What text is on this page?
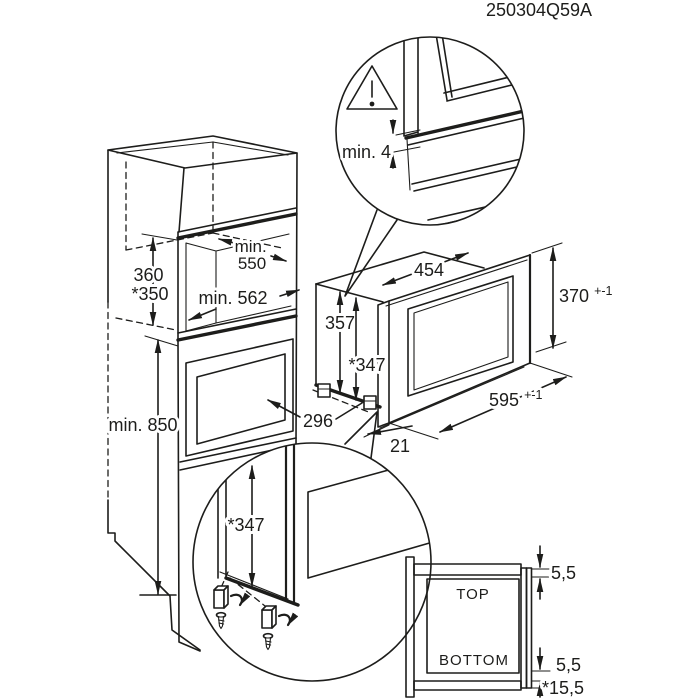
250304Q59A
min. 550
min. 562
360 *350
min. 850
454
357
*347
370 $^{+-1}$
595 $^{+-1}$
296
21
min. 4
*347
TOP
BOTTOM
5,5
5,5
*15,5
